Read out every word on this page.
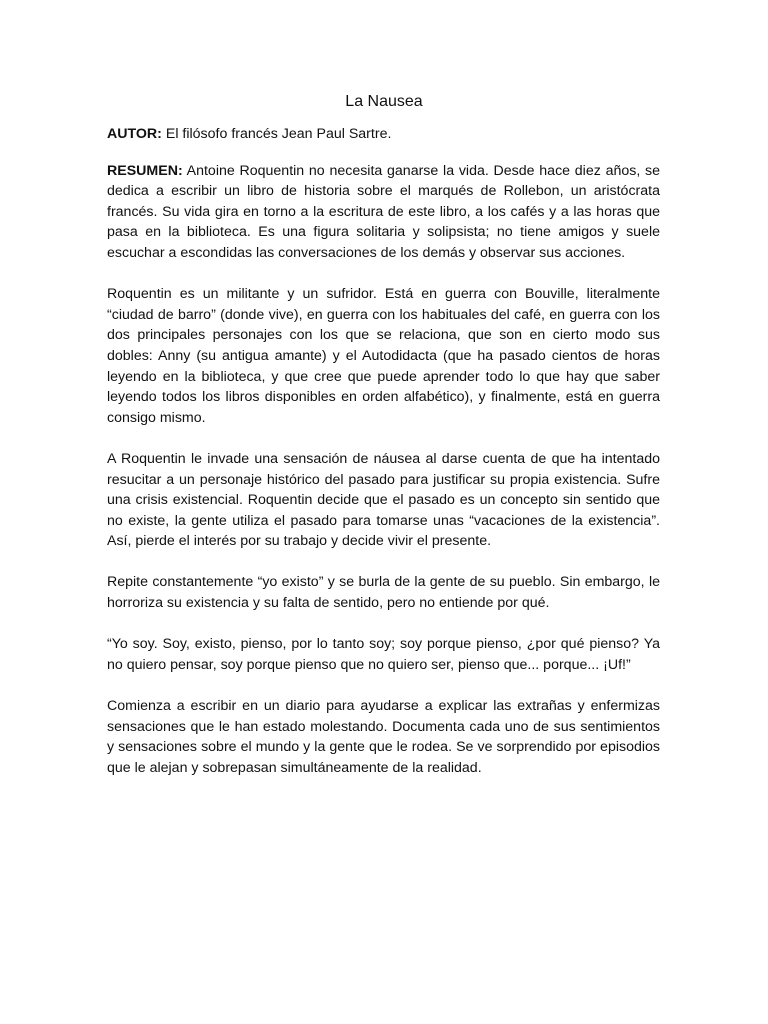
La Nausea

AUTOR: El filósofo francés Jean Paul Sartre.

RESUMEN: Antoine Roquentin no necesita ganarse la vida. Desde hace diez años, se dedica a escribir un libro de historia sobre el marqués de Rollebon, un aristócrata francés. Su vida gira en torno a la escritura de este libro, a los cafés y a las horas que pasa en la biblioteca. Es una figura solitaria y solipsista; no tiene amigos y suele escuchar a escondidas las conversaciones de los demás y observar sus acciones.

Roquentin es un militante y un sufridor. Está en guerra con Bouville, literalmente “ciudad de barro” (donde vive), en guerra con los habituales del café, en guerra con los dos principales personajes con los que se relaciona, que son en cierto modo sus dobles: Anny (su antigua amante) y el Autodidacta (que ha pasado cientos de horas leyendo en la biblioteca, y que cree que puede aprender todo lo que hay que saber leyendo todos los libros disponibles en orden alfabético), y finalmente, está en guerra consigo mismo.

A Roquentin le invade una sensación de náusea al darse cuenta de que ha intentado resucitar a un personaje histórico del pasado para justificar su propia existencia. Sufre una crisis existencial. Roquentin decide que el pasado es un concepto sin sentido que no existe, la gente utiliza el pasado para tomarse unas “vacaciones de la existencia”. Así, pierde el interés por su trabajo y decide vivir el presente.

Repite constantemente “yo existo” y se burla de la gente de su pueblo. Sin embargo, le horroriza su existencia y su falta de sentido, pero no entiende por qué.

“Yo soy. Soy, existo, pienso, por lo tanto soy; soy porque pienso, ¿por qué pienso? Ya no quiero pensar, soy porque pienso que no quiero ser, pienso que... porque... ¡Uf!”

Comienza a escribir en un diario para ayudarse a explicar las extrañas y enfermizas sensaciones que le han estado molestando. Documenta cada uno de sus sentimientos y sensaciones sobre el mundo y la gente que le rodea. Se ve sorprendido por episodios que le alejan y sobrepasan simultáneamente de la realidad.
